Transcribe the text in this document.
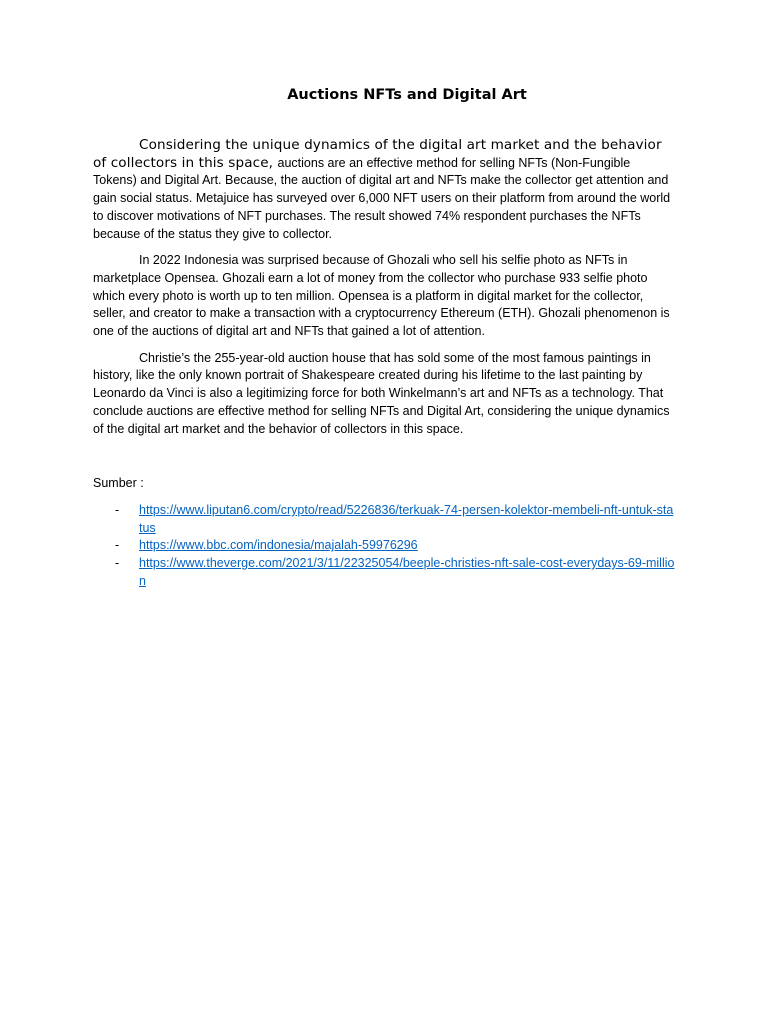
Auctions NFTs and Digital Art

Considering the unique dynamics of the digital art market and the behavior of collectors in this space, auctions are an effective method for selling NFTs (Non-Fungible Tokens) and Digital Art. Because, the auction of digital art and NFTs make the collector get attention and gain social status. Metajuice has surveyed over 6,000 NFT users on their platform from around the world to discover motivations of NFT purchases. The result showed 74% respondent purchases the NFTs because of the status they give to collector.

In 2022 Indonesia was surprised because of Ghozali who sell his selfie photo as NFTs in marketplace Opensea. Ghozali earn a lot of money from the collector who purchase 933 selfie photo which every photo is worth up to ten million. Opensea is a platform in digital market for the collector, seller, and creator to make a transaction with a cryptocurrency Ethereum (ETH). Ghozali phenomenon is one of the auctions of digital art and NFTs that gained a lot of attention.

Christie’s the 255-year-old auction house that has sold some of the most famous paintings in history, like the only known portrait of Shakespeare created during his lifetime to the last painting by Leonardo da Vinci is also a legitimizing force for both Winkelmann’s art and NFTs as a technology. That conclude auctions are effective method for selling NFTs and Digital Art, considering the unique dynamics of the digital art market and the behavior of collectors in this space.

Sumber :

- https://www.liputan6.com/crypto/read/5226836/terkuak-74-persen-kolektor-membeli-nft-untuk-status
- https://www.bbc.com/indonesia/majalah-59976296
- https://www.theverge.com/2021/3/11/22325054/beeple-christies-nft-sale-cost-everydays-69-million
